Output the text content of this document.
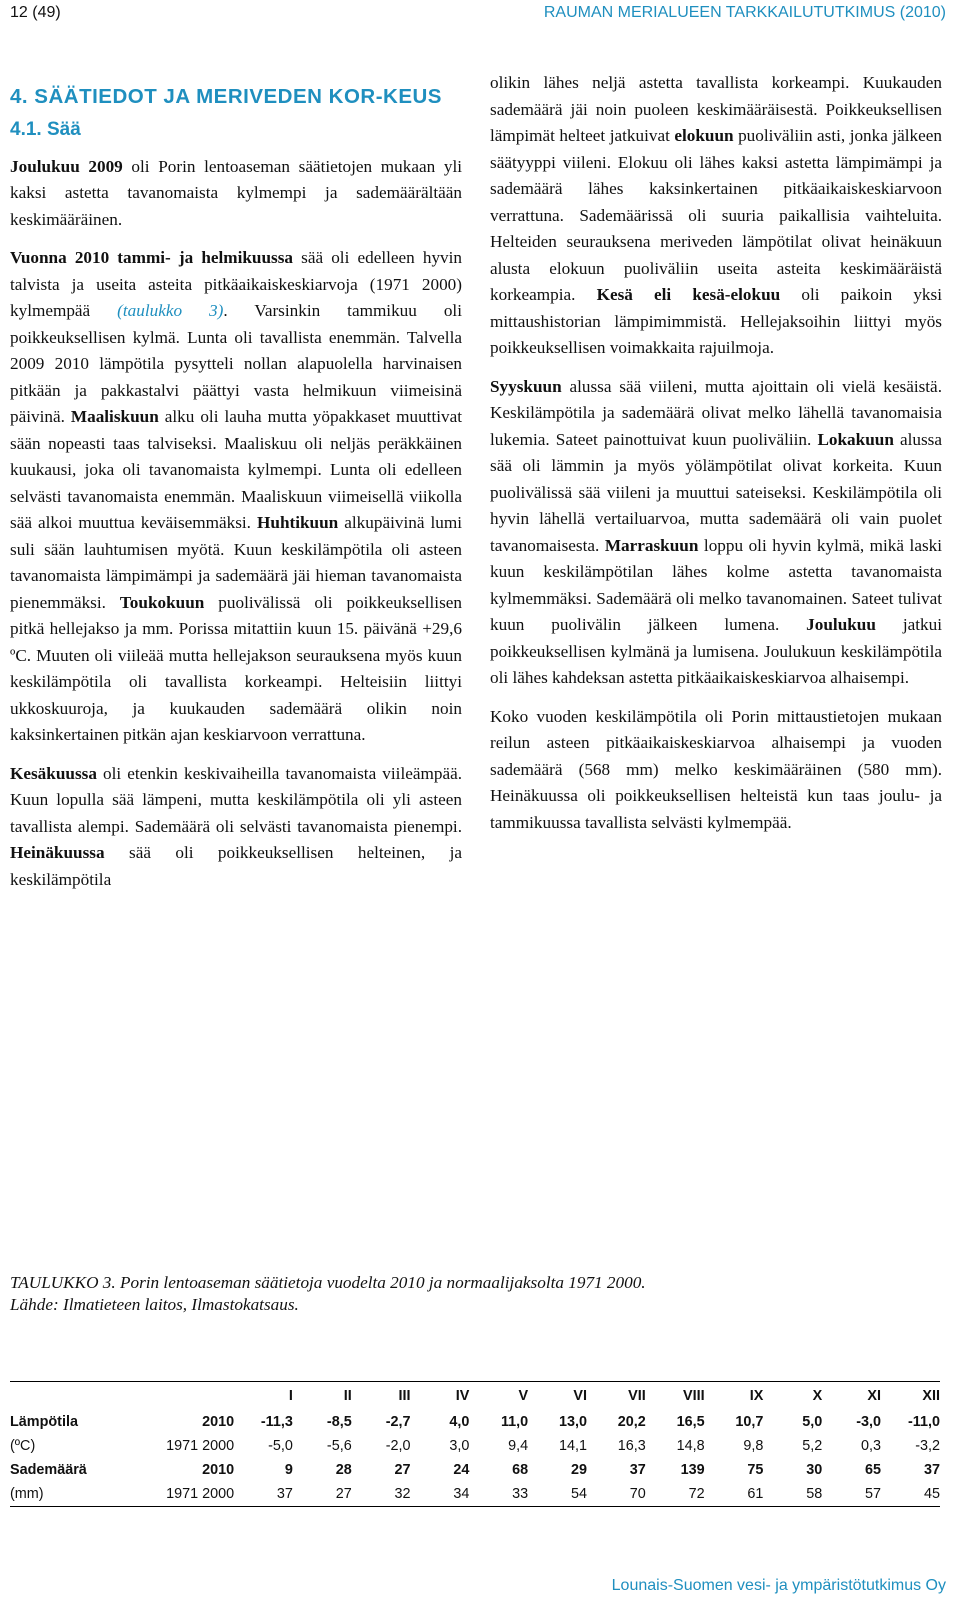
12 (49)	RAUMAN MERIALUEEN TARKKAILUTUTKIMUS (2010)
4. SÄÄTIEDOT JA MERIVEDEN KOR-KEUS
4.1. Sää

Joulukuu 2009 oli Porin lentoaseman säätietojen mukaan yli kaksi astetta tavanomaista kylmempi ja sademäärältään keskimääräinen.

Vuonna 2010 tammi- ja helmikuussa sää oli edelleen hyvin talvista ja useita asteita pitkäaikaiskeskiarvoja (1971 2000) kylmempää (taulukko 3). Varsinkin tammikuu oli poikkeuksellisen kylmä. Lunta oli tavallista enemmän. Talvella 2009 2010 lämpötila pysytteli nollan alapuolella harvinaisen pitkään ja pakkastalvi päättyi vasta helmikuun viimeisinä päivinä. Maaliskuun alku oli lauha mutta yöpakkaset muuttivat sään nopeasti taas talviseksi. Maaliskuu oli neljäs peräkkäinen kuukausi, joka oli tavanomaista kylmempi. Lunta oli edelleen selvästi tavanomaista enemmän. Maaliskuun viimeisellä viikolla sää alkoi muuttua keväisemmäksi. Huhtikuun alkupäivinä lumi suli sään lauhtumisen myötä. Kuun keskilämpötila oli asteen tavanomaista lämpimämpi ja sademäärä jäi hieman tavanomaista pienemmäksi. Toukokuun puolivälissä oli poikkeuksellisen pitkä hellejakso ja mm. Porissa mitattiin kuun 15. päivänä +29,6 ºC. Muuten oli viileää mutta hellejakson seurauksena myös kuun keskilämpötila oli tavallista korkeampi. Helteisiin liittyi ukkoskuuroja, ja kuukauden sademäärä olikin noin kaksinkertainen pitkän ajan keskiarvoon verrattuna.

Kesäkuussa oli etenkin keskivaiheilla tavanomaista viileämpää. Kuun lopulla sää lämpeni, mutta keskilämpötila oli yli asteen tavallista alempi. Sademäärä oli selvästi tavanomaista pienempi. Heinäkuussa sää oli poikkeuksellisen helteinen, ja keskilämpötila

olikin lähes neljä astetta tavallista korkeampi. Kuukauden sademäärä jäi noin puoleen keskimääräisestä. Poikkeuksellisen lämpimät helteet jatkuivat elokuun puoliväliin asti, jonka jälkeen säätyyppi viileni. Elokuu oli lähes kaksi astetta lämpimämpi ja sademäärä lähes kaksinkertainen pitkäaikaiskeskiarvoon verrattuna. Sademäärissä oli suuria paikallisia vaihteluita. Helteiden seurauksena meriveden lämpötilat olivat heinäkuun alusta elokuun puoliväliin useita asteita keskimääräistä korkeampia. Kesä eli kesä-elokuu oli paikoin yksi mittaushistorian lämpimimmistä. Hellejaksoihin liittyi myös poikkeuksellisen voimakkaita rajuilmoja.

Syyskuun alussa sää viileni, mutta ajoittain oli vielä kesäistä. Keskilämpötila ja sademäärä olivat melko lähellä tavanomaisia lukemia. Sateet painottuivat kuun puoliväliin. Lokakuun alussa sää oli lämmin ja myös yölämpötilat olivat korkeita. Kuun puolivälissä sää viileni ja muuttui sateiseksi. Keskilämpötila oli hyvin lähellä vertailuarvoa, mutta sademäärä oli vain puolet tavanomaisesta. Marraskuun loppu oli hyvin kylmä, mikä laski kuun keskilämpötilan lähes kolme astetta tavanomaista kylmemmäksi. Sademäärä oli melko tavanomainen. Sateet tulivat kuun puolivälin jälkeen lumena. Joulukuu jatkui poikkeuksellisen kylmänä ja lumisena. Joulukuun keskilämpötila oli lähes kahdeksan astetta pitkäaikaiskeskiarvoa alhaisempi.

Koko vuoden keskilämpötila oli Porin mittaustietojen mukaan reilun asteen pitkäaikaiskeskiarvoa alhaisempi ja vuoden sademäärä (568 mm) melko keskimääräinen (580 mm). Heinäkuussa oli poikkeuksellisen helteistä kun taas joulu- ja tammikuussa tavallista selvästi kylmempää.

TAULUKKO 3. Porin lentoaseman säätietoja vuodelta 2010 ja normaalijaksolta 1971 2000.
Lähde: Ilmatieteen laitos, Ilmastokatsaus.
		I	II	III	IV	V	VI	VII	VIII	IX	X	XI	XII
Lämpötila	2010	-11,3	-8,5	-2,7	4,0	11,0	13,0	20,2	16,5	10,7	5,0	-3,0	-11,0
(ºC)	1971 2000	-5,0	-5,6	-2,0	3,0	9,4	14,1	16,3	14,8	9,8	5,2	0,3	-3,2
Sademäärä	2010	9	28	27	24	68	29	37	139	75	30	65	37
(mm)	1971 2000	37	27	32	34	33	54	70	72	61	58	57	45
Lounais-Suomen vesi- ja ympäristötutkimus Oy
